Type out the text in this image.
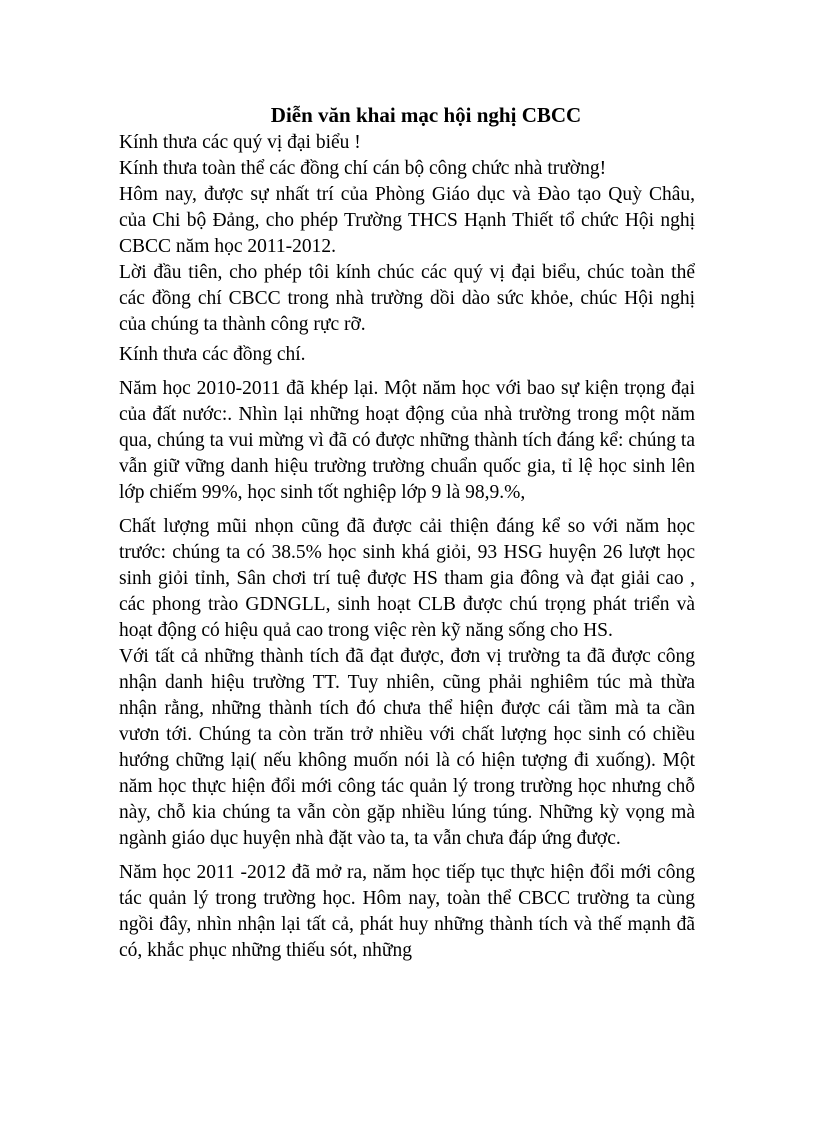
Diễn văn khai mạc hội nghị CBCC

Kính thưa các quý vị đại biểu !

Kính thưa toàn thể các đồng chí cán bộ công chức nhà trường!

Hôm nay, được sự nhất trí của Phòng Giáo dục và Đào tạo Quỳ Châu, của Chi bộ Đảng, cho phép Trường THCS Hạnh Thiết tổ chức Hội nghị CBCC năm học 2011-2012.

Lời đầu tiên, cho phép tôi kính chúc các quý vị đại biểu, chúc toàn thể các đồng chí CBCC trong nhà trường dồi dào sức khỏe, chúc Hội nghị của chúng ta thành công rực rỡ.

Kính thưa các đồng chí.

Năm học 2010-2011 đã khép lại. Một năm học với bao sự kiện trọng đại của đất nước:. Nhìn lại những hoạt động của nhà trường trong một năm qua, chúng ta vui mừng vì đã có được những thành tích đáng kể: chúng ta vẫn giữ vững danh hiệu trường trường chuẩn quốc gia, tỉ lệ học sinh lên lớp chiếm 99%, học sinh tốt nghiệp lớp 9 là 98,9.%,

Chất lượng mũi nhọn cũng đã được cải thiện đáng kể so với năm học trước: chúng ta có 38.5% học sinh khá giỏi, 93 HSG huyện 26 lượt học sinh giỏi tỉnh, Sân chơi trí tuệ được HS tham gia đông và đạt giải cao , các phong trào GDNGLL, sinh hoạt CLB được chú trọng phát triển và hoạt động có hiệu quả cao trong việc rèn kỹ năng sống cho HS.

Với tất cả những thành tích đã đạt được, đơn vị trường ta đã được công nhận danh hiệu trường TT. Tuy nhiên, cũng phải nghiêm túc mà thừa nhận rằng, những thành tích đó chưa thể hiện được cái tầm mà ta cần vươn tới. Chúng ta còn trăn trở nhiều với chất lượng học sinh có chiều hướng chững lại( nếu không muốn nói là có hiện tượng đi xuống). Một năm học thực hiện đổi mới công tác quản lý trong trường học nhưng chỗ này, chỗ kia chúng ta vẫn còn gặp nhiều lúng túng. Những kỳ vọng mà ngành giáo dục huyện nhà đặt vào ta, ta vẫn chưa đáp ứng được.

Năm học 2011 -2012 đã mở ra, năm học tiếp tục thực hiện đổi mới công tác quản lý trong trường học. Hôm nay, toàn thể CBCC trường ta cùng ngồi đây, nhìn nhận lại tất cả, phát huy những thành tích và thế mạnh đã có, khắc phục những thiếu sót, những
